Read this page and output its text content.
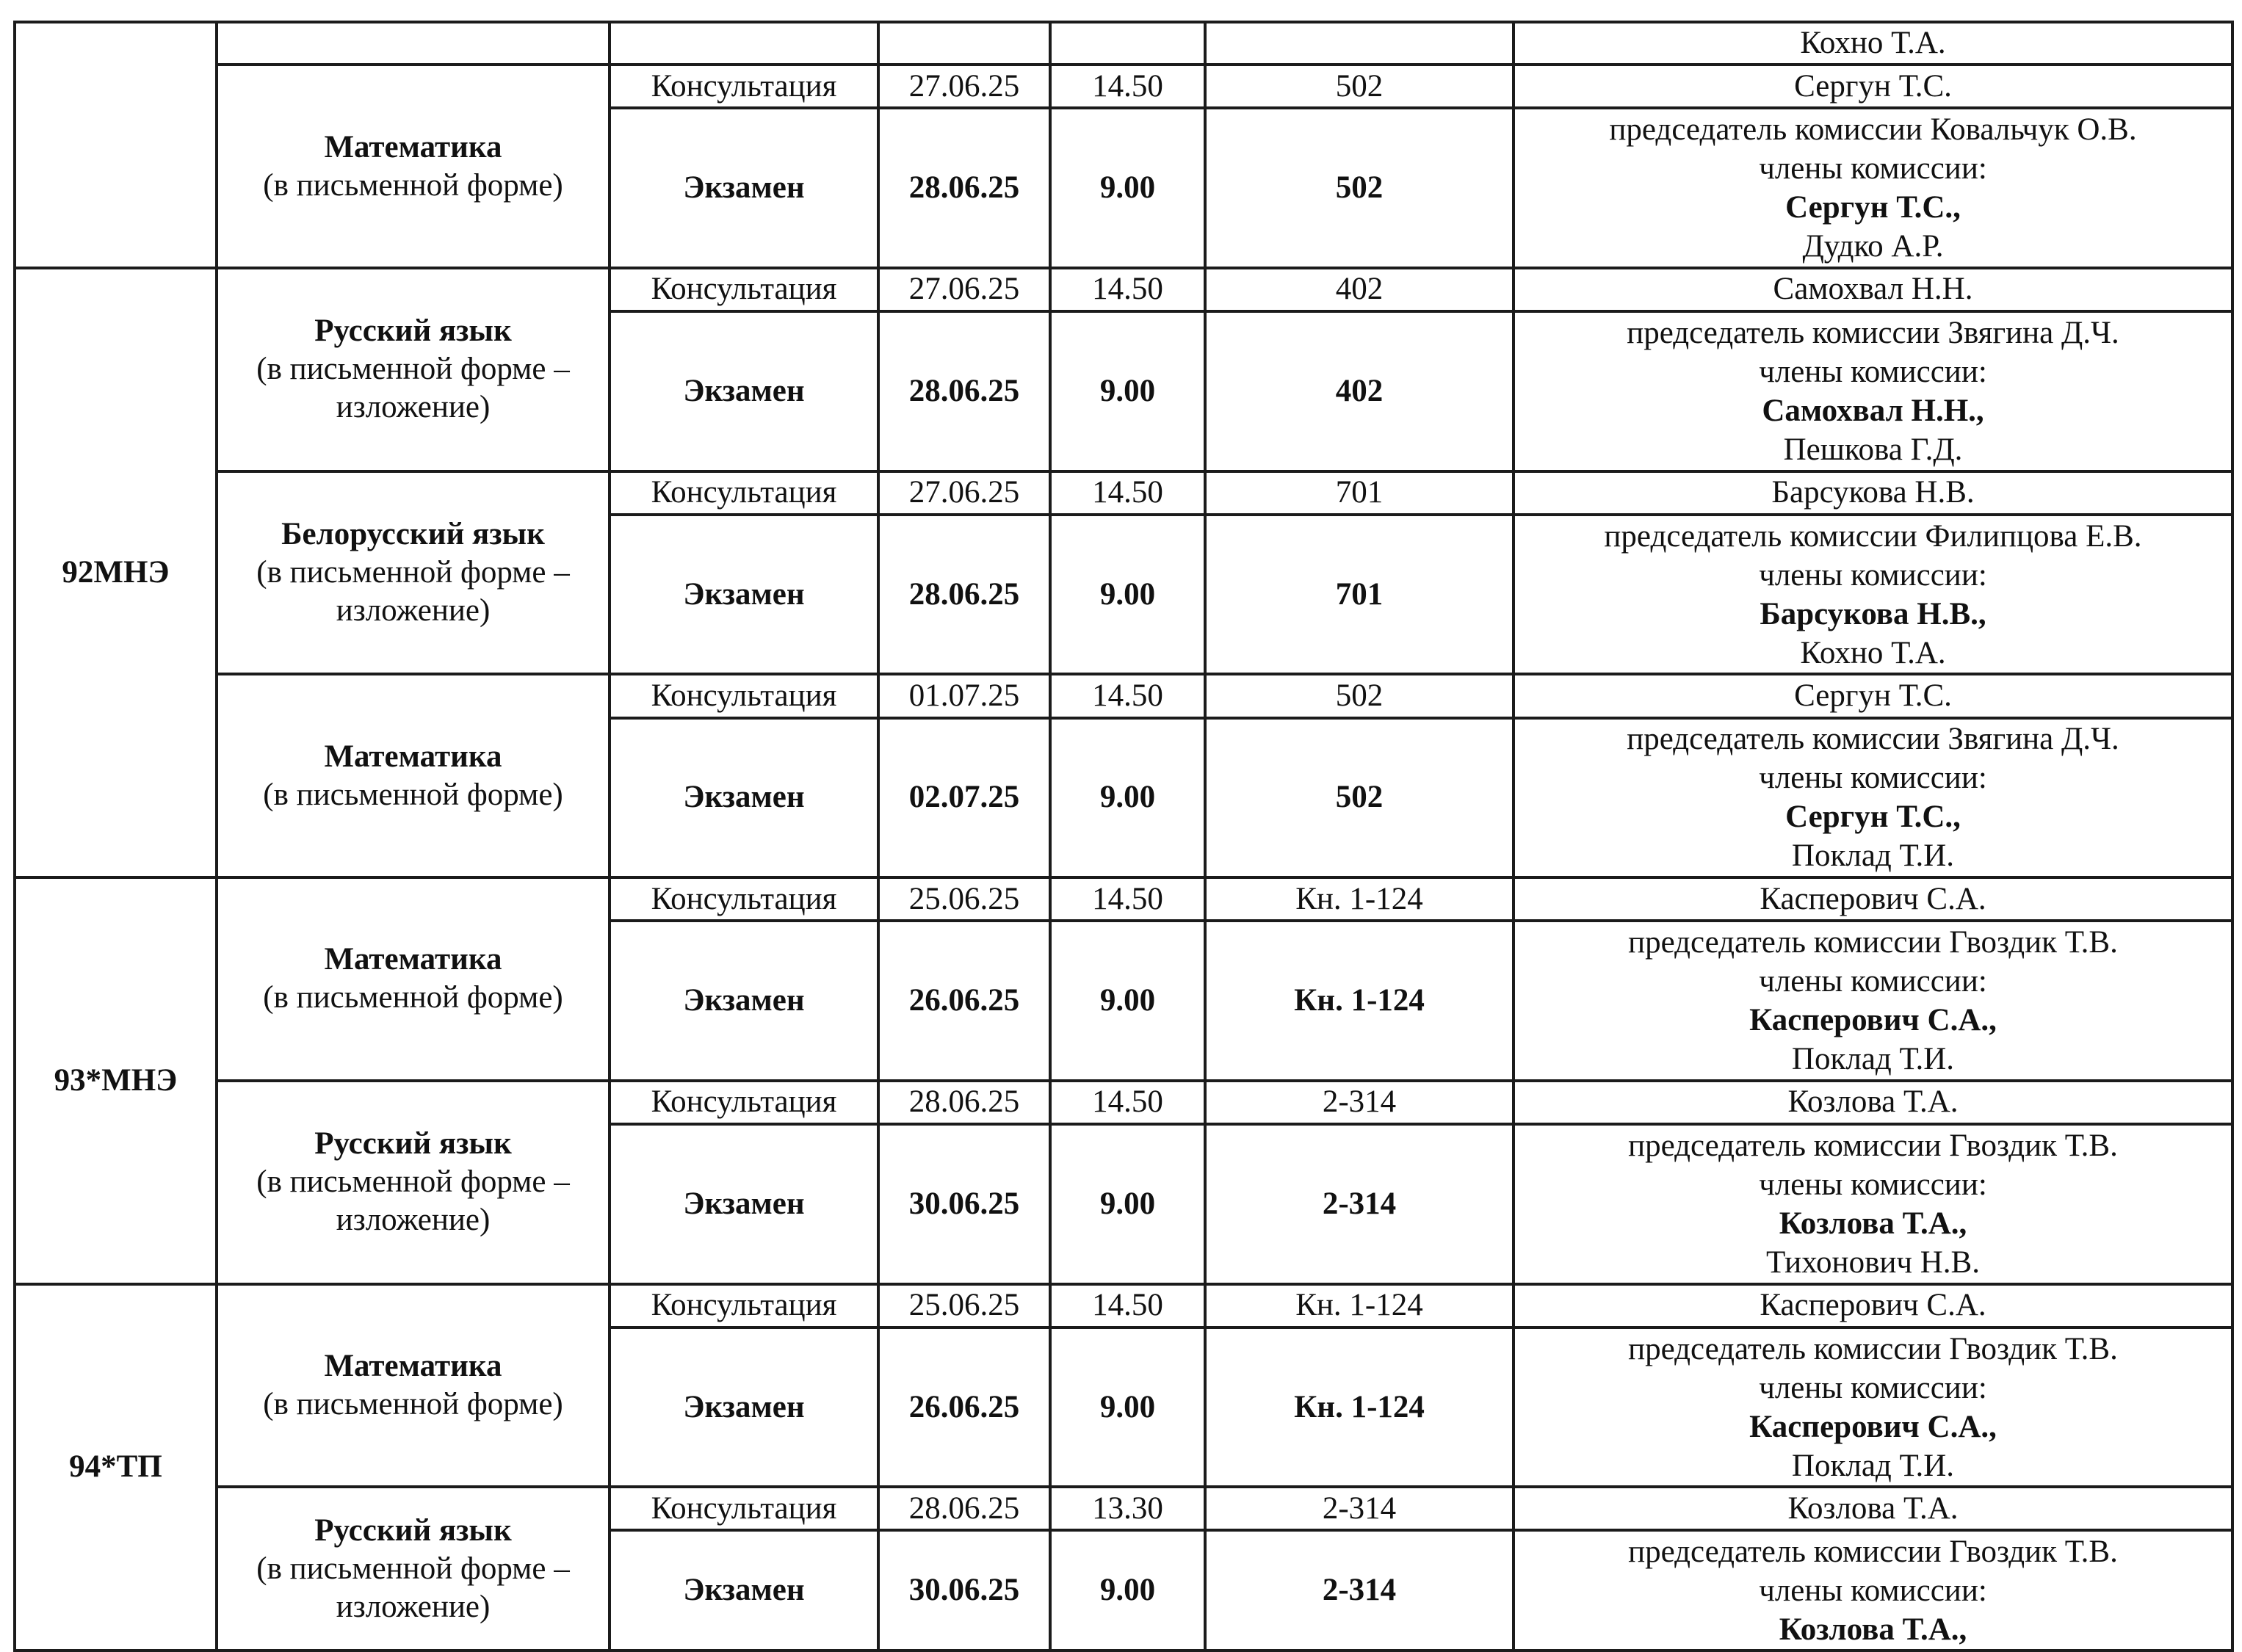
						Кохно Т.А.

	Математика
(в письменной форме)	Консультация	27.06.25	14.50	502	Сергун Т.С.
		Экзамен	28.06.25	9.00	502	председатель комиссии Ковальчук О.В.
члены комиссии:
Сергун Т.С.,
Дудко А.Р.

92МНЭ	Русский язык
(в письменной форме – изложение)	Консультация	27.06.25	14.50	402	Самохвал Н.Н.
		Экзамен	28.06.25	9.00	402	председатель комиссии Звягина Д.Ч.
члены комиссии:
Самохвал Н.Н.,
Пешкова Г.Д.

	Белорусский язык
(в письменной форме – изложение)	Консультация	27.06.25	14.50	701	Барсукова Н.В.
		Экзамен	28.06.25	9.00	701	председатель комиссии Филипцова Е.В.
члены комиссии:
Барсукова Н.В.,
Кохно Т.А.

	Математика
(в письменной форме)	Консультация	01.07.25	14.50	502	Сергун Т.С.
		Экзамен	02.07.25	9.00	502	председатель комиссии Звягина Д.Ч.
члены комиссии:
Сергун Т.С.,
Поклад Т.И.

93*МНЭ	Математика
(в письменной форме)	Консультация	25.06.25	14.50	Кн. 1-124	Касперович С.А.
		Экзамен	26.06.25	9.00	Кн. 1-124	председатель комиссии Гвоздик Т.В.
члены комиссии:
Касперович С.А.,
Поклад Т.И.

	Русский язык
(в письменной форме – изложение)	Консультация	28.06.25	14.50	2-314	Козлова Т.А.
		Экзамен	30.06.25	9.00	2-314	председатель комиссии Гвоздик Т.В.
члены комиссии:
Козлова Т.А.,
Тихонович Н.В.

94*ТП	Математика
(в письменной форме)	Консультация	25.06.25	14.50	Кн. 1-124	Касперович С.А.
		Экзамен	26.06.25	9.00	Кн. 1-124	председатель комиссии Гвоздик Т.В.
члены комиссии:
Касперович С.А.,
Поклад Т.И.

	Русский язык
(в письменной форме – изложение)	Консультация	28.06.25	13.30	2-314	Козлова Т.А.
		Экзамен	30.06.25	9.00	2-314	председатель комиссии Гвоздик Т.В.
члены комиссии:
Козлова Т.А.,
